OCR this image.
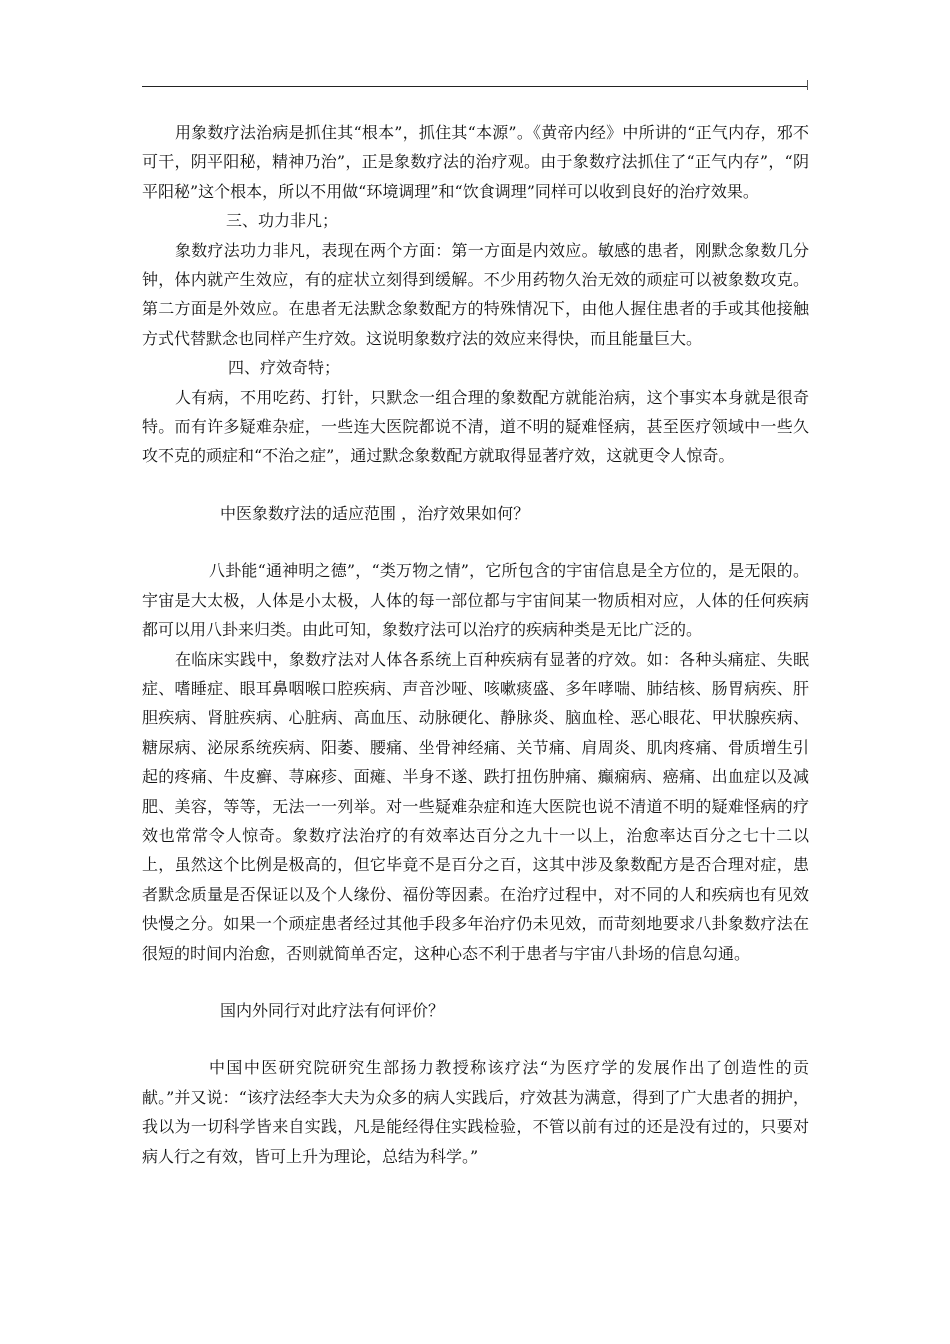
用象数疗法治病是抓住其“根本”，抓住其“本源”。《黄帝内经》中所讲的“正气内存，邪不可干，阴平阳秘，精神乃治”，正是象数疗法的治疗观。由于象数疗法抓住了“正气内存”，“阴平阳秘”这个根本，所以不用做“环境调理”和“饮食调理”同样可以收到良好的治疗效果。

三、功力非凡；

象数疗法功力非凡，表现在两个方面：第一方面是内效应。敏感的患者，刚默念象数几分钟，体内就产生效应，有的症状立刻得到缓解。不少用药物久治无效的顽症可以被象数攻克。第二方面是外效应。在患者无法默念象数配方的特殊情况下，由他人握住患者的手或其他接触方式代替默念也同样产生疗效。这说明象数疗法的效应来得快，而且能量巨大。

四、疗效奇特；

人有病，不用吃药、打针，只默念一组合理的象数配方就能治病，这个事实本身就是很奇特。而有许多疑难杂症，一些连大医院都说不清，道不明的疑难怪病，甚至医疗领域中一些久攻不克的顽症和“不治之症”，通过默念象数配方就取得显著疗效，这就更令人惊奇。

中医象数疗法的适应范围 ，治疗效果如何？

八卦能“通神明之德”，“类万物之情”，它所包含的宇宙信息是全方位的，是无限的。宇宙是大太极，人体是小太极，人体的每一部位都与宇宙间某一物质相对应，人体的任何疾病都可以用八卦来归类。由此可知，象数疗法可以治疗的疾病种类是无比广泛的。

在临床实践中，象数疗法对人体各系统上百种疾病有显著的疗效。如：各种头痛症、失眠症、嗜睡症、眼耳鼻咽喉口腔疾病、声音沙哑、咳嗽痰盛、多年哮喘、肺结核、肠胃病疾、肝胆疾病、肾脏疾病、心脏病、高血压、动脉硬化、静脉炎、脑血栓、恶心眼花、甲状腺疾病、糖尿病、泌尿系统疾病、阳萎、腰痛、坐骨神经痛、关节痛、肩周炎、肌肉疼痛、骨质增生引起的疼痛、牛皮癣、荨麻疹、面瘫、半身不遂、跌打扭伤肿痛、癫痫病、癌痛、出血症以及减肥、美容，等等，无法一一列举。对一些疑难杂症和连大医院也说不清道不明的疑难怪病的疗效也常常令人惊奇。象数疗法治疗的有效率达百分之九十一以上，治愈率达百分之七十二以上，虽然这个比例是极高的，但它毕竟不是百分之百，这其中涉及象数配方是否合理对症，患者默念质量是否保证以及个人缘份、福份等因素。在治疗过程中，对不同的人和疾病也有见效快慢之分。如果一个顽症患者经过其他手段多年治疗仍未见效，而苛刻地要求八卦象数疗法在很短的时间内治愈，否则就简单否定，这种心态不利于患者与宇宙八卦场的信息勾通。

国内外同行对此疗法有何评价？

中国中医研究院研究生部扬力教授称该疗法“为医疗学的发展作出了创造性的贡献。”并又说：“该疗法经李大夫为众多的病人实践后，疗效甚为满意，得到了广大患者的拥护，我以为一切科学皆来自实践，凡是能经得住实践检验，不管以前有过的还是没有过的，只要对病人行之有效，皆可上升为理论，总结为科学。”
